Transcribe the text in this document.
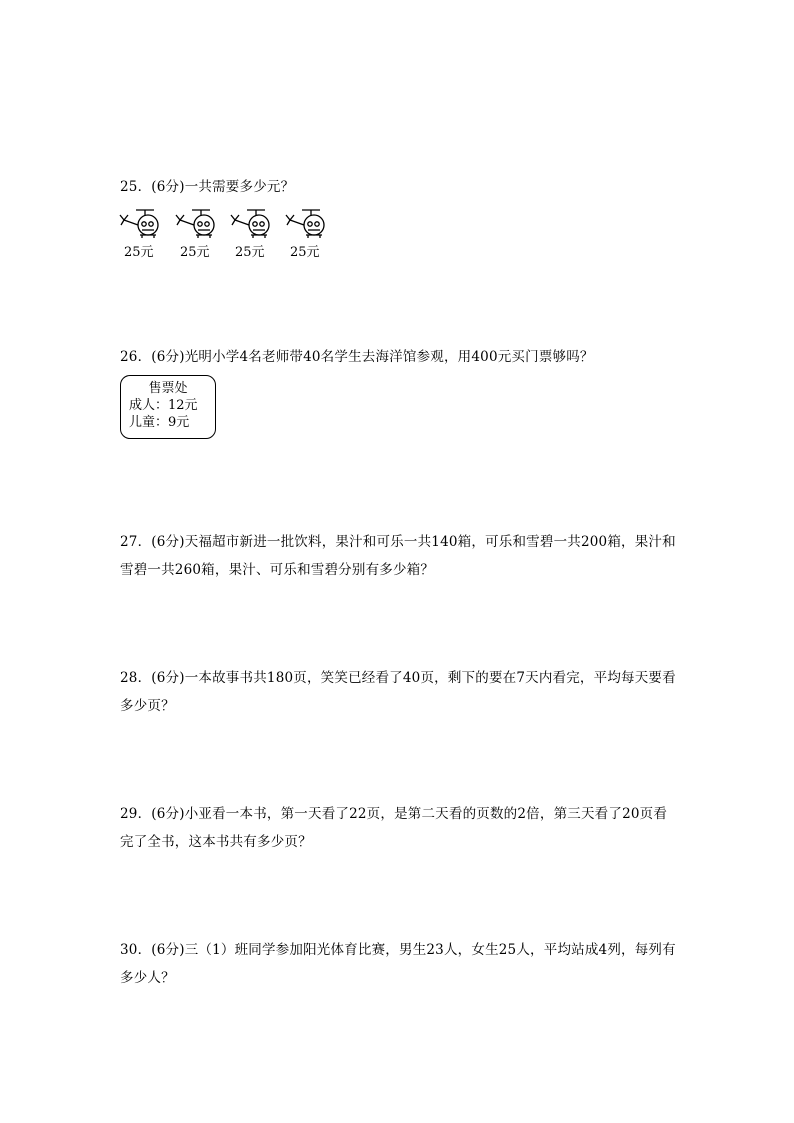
25．(6分)一共需要多少元？
25元 25元 25元 25元
26．(6分)光明小学4名老师带40名学生去海洋馆参观，用400元买门票够吗？
售票处
成人：12元
儿童：9元
27．(6分)天福超市新进一批饮料，果汁和可乐一共140箱，可乐和雪碧一共200箱，果汁和雪碧一共260箱，果汁、可乐和雪碧分别有多少箱？
28．(6分)一本故事书共180页，笑笑已经看了40页，剩下的要在7天内看完，平均每天要看多少页？
29．(6分)小亚看一本书，第一天看了22页，是第二天看的页数的2倍，第三天看了20页看完了全书，这本书共有多少页？
30．(6分)三（1）班同学参加阳光体育比赛，男生23人，女生25人，平均站成4列，每列有多少人？
